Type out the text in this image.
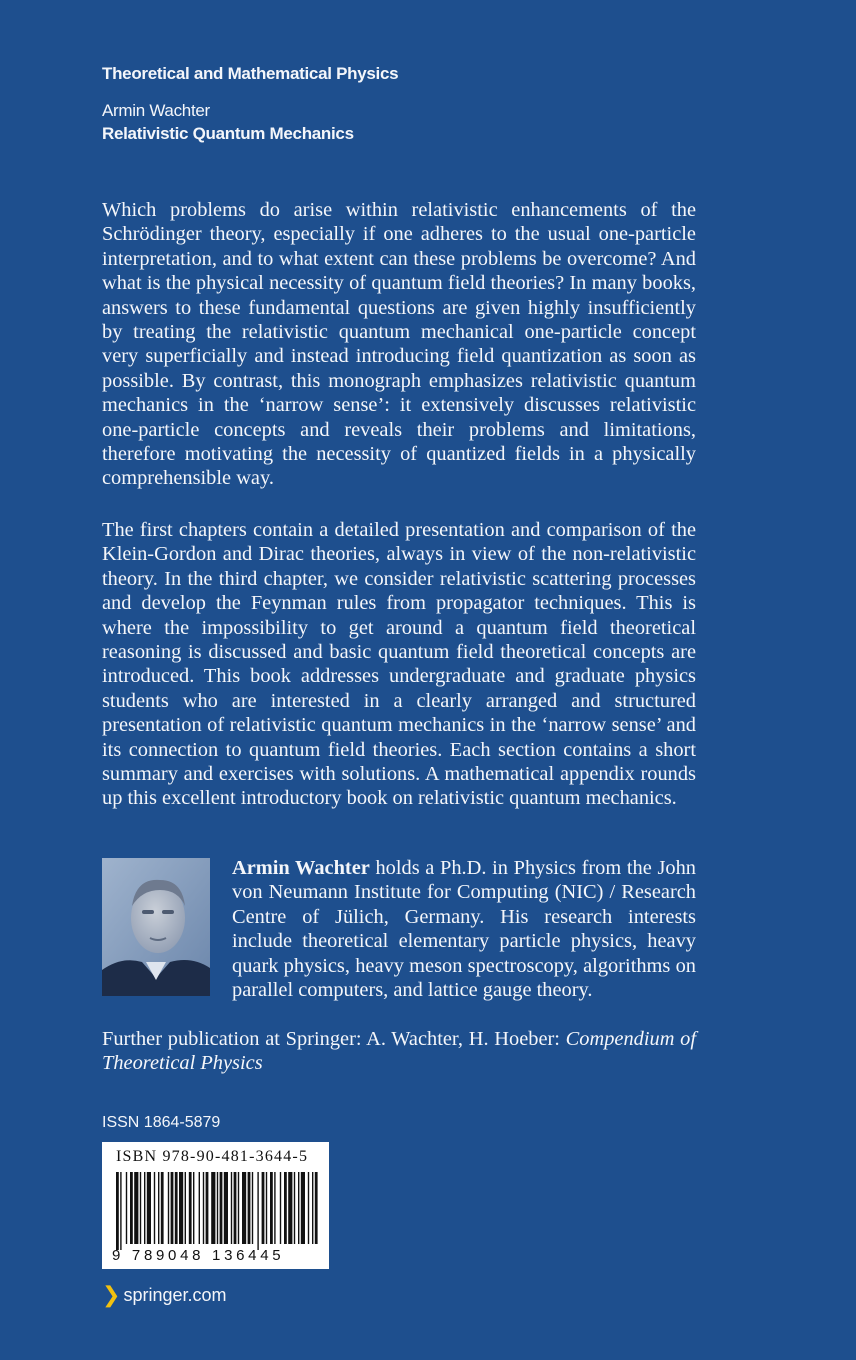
Theoretical and Mathematical Physics
Armin Wachter
Relativistic Quantum Mechanics

Which problems do arise within relativistic enhancements of the Schrödinger theory, especially if one adheres to the usual one-particle interpretation, and to what extent can these problems be overcome? And what is the physical necessity of quantum field theories? In many books, answers to these fundamental questions are given highly insufficiently by treating the relativistic quantum mechanical one-particle concept very superficially and instead introducing field quantization as soon as possible. By contrast, this monograph emphasizes relativistic quantum mechanics in the ‘narrow sense’: it extensively discusses relativistic one-particle concepts and reveals their problems and limitations, therefore motivating the necessity of quantized fields in a physically comprehensible way.

The first chapters contain a detailed presentation and comparison of the Klein-Gordon and Dirac theories, always in view of the non-relativistic theory. In the third chapter, we consider relativistic scattering processes and develop the Feynman rules from propagator techniques. This is where the impossibility to get around a quantum field theoretical reasoning is discussed and basic quantum field theoretical concepts are introduced. This book addresses undergraduate and graduate physics students who are interested in a clearly arranged and structured presentation of relativistic quantum mechanics in the ‘narrow sense’ and its connection to quantum field theories. Each section contains a short summary and exercises with solutions. A mathematical appendix rounds up this excellent introductory book on relativistic quantum mechanics.

Armin Wachter holds a Ph.D. in Physics from the John von Neumann Institute for Computing (NIC) / Research Centre of Jülich, Germany. His research interests include theoretical elementary particle physics, heavy quark physics, heavy meson spectroscopy, algorithms on parallel computers, and lattice gauge theory.

Further publication at Springer: A. Wachter, H. Hoeber: Compendium of Theoretical Physics

ISSN 1864-5879
ISBN 978-90-481-3644-5
9 789048 136445
❯ springer.com
